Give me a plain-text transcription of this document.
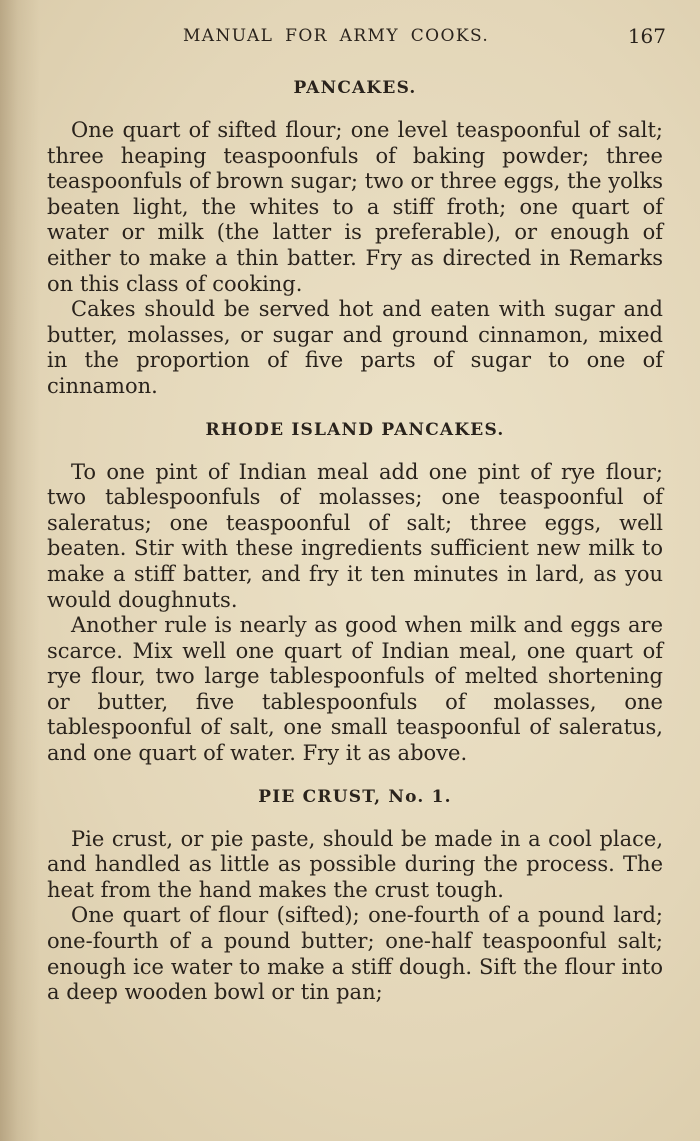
MANUAL FOR ARMY COOKS.	167
PANCAKES.

One quart of sifted flour; one level teaspoonful of salt; three heaping teaspoonfuls of baking powder; three teaspoonfuls of brown sugar; two or three eggs, the yolks beaten light, the whites to a stiff froth; one quart of water or milk (the latter is preferable), or enough of either to make a thin batter. Fry as directed in Remarks on this class of cooking.

Cakes should be served hot and eaten with sugar and butter, molasses, or sugar and ground cinnamon, mixed in the proportion of five parts of sugar to one of cinnamon.

RHODE ISLAND PANCAKES.

To one pint of Indian meal add one pint of rye flour; two tablespoonfuls of molasses; one teaspoonful of saleratus; one teaspoonful of salt; three eggs, well beaten. Stir with these ingredients sufficient new milk to make a stiff batter, and fry it ten minutes in lard, as you would doughnuts.

Another rule is nearly as good when milk and eggs are scarce. Mix well one quart of Indian meal, one quart of rye flour, two large tablespoonfuls of melted shortening or butter, five tablespoonfuls of molasses, one tablespoonful of salt, one small teaspoonful of saleratus, and one quart of water. Fry it as above.

PIE CRUST, No. 1.

Pie crust, or pie paste, should be made in a cool place, and handled as little as possible during the process. The heat from the hand makes the crust tough.

One quart of flour (sifted); one-fourth of a pound lard; one-fourth of a pound butter; one-half teaspoonful salt; enough ice water to make a stiff dough. Sift the flour into a deep wooden bowl or tin pan;
